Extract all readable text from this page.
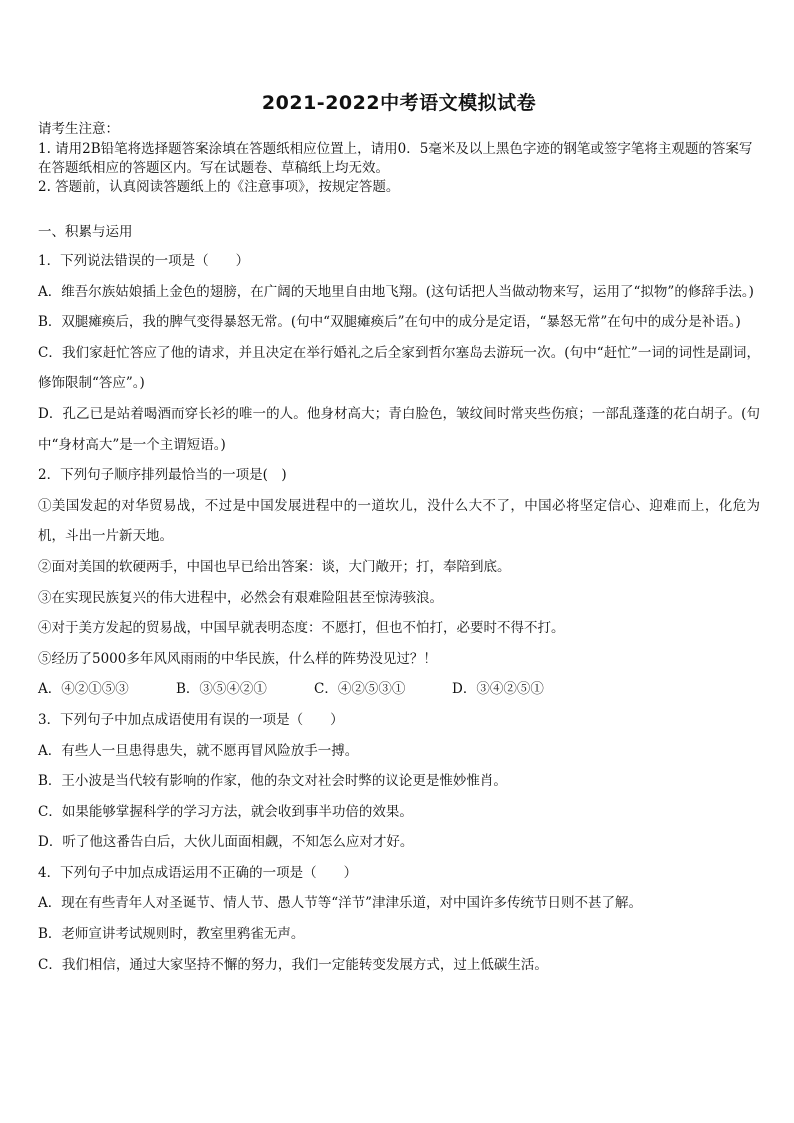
2021-2022中考语文模拟试卷
请考生注意：

1. 请用2B铅笔将选择题答案涂填在答题纸相应位置上，请用0．5毫米及以上黑色字迹的钢笔或签字笔将主观题的答案写在答题纸相应的答题区内。写在试题卷、草稿纸上均无效。

2. 答题前，认真阅读答题纸上的《注意事项》，按规定答题。

一、积累与运用

1．下列说法错误的一项是（　　）

A．维吾尔族姑娘插上金色的翅膀，在广阔的天地里自由地飞翔。(这句话把人当做动物来写，运用了“拟物”的修辞手法。)

B．双腿瘫痪后，我的脾气变得暴怒无常。(句中“双腿瘫痪后”在句中的成分是定语，“暴怒无常”在句中的成分是补语。)

C．我们家赶忙答应了他的请求，并且决定在举行婚礼之后全家到哲尔塞岛去游玩一次。(句中“赶忙”一词的词性是副词，修饰限制“答应”。)

D．孔乙已是站着喝酒而穿长衫的唯一的人。他身材高大；青白脸色，皱纹间时常夹些伤痕；一部乱蓬蓬的花白胡子。(句中“身材高大”是一个主谓短语。)

2．下列句子顺序排列最恰当的一项是(　)

①美国发起的对华贸易战，不过是中国发展进程中的一道坎儿，没什么大不了，中国必将坚定信心、迎难而上，化危为机，斗出一片新天地。

②面对美国的软硬两手，中国也早已给出答案：谈，大门敞开；打，奉陪到底。

③在实现民族复兴的伟大进程中，必然会有艰难险阻甚至惊涛骇浪。

④对于美方发起的贸易战，中国早就表明态度：不愿打，但也不怕打，必要时不得不打。

⑤经历了5000多年风风雨雨的中华民族，什么样的阵势没见过？！

A．④②①⑤③	B．③⑤④②①	C．④②⑤③①	D．③④②⑤①

3．下列句子中加点成语使用有误的一项是（　　）

A．有些人一旦患得患失，就不愿再冒风险放手一搏。

B．王小波是当代较有影响的作家，他的杂文对社会时弊的议论更是惟妙惟肖。

C．如果能够掌握科学的学习方法，就会收到事半功倍的效果。

D．听了他这番告白后，大伙儿面面相觑，不知怎么应对才好。

4．下列句子中加点成语运用不正确的一项是（　　）

A．现在有些青年人对圣诞节、情人节、愚人节等“洋节”津津乐道，对中国许多传统节日则不甚了解。

B．老师宣讲考试规则时，教室里鸦雀无声。

C．我们相信，通过大家坚持不懈的努力，我们一定能转变发展方式，过上低碳生活。
